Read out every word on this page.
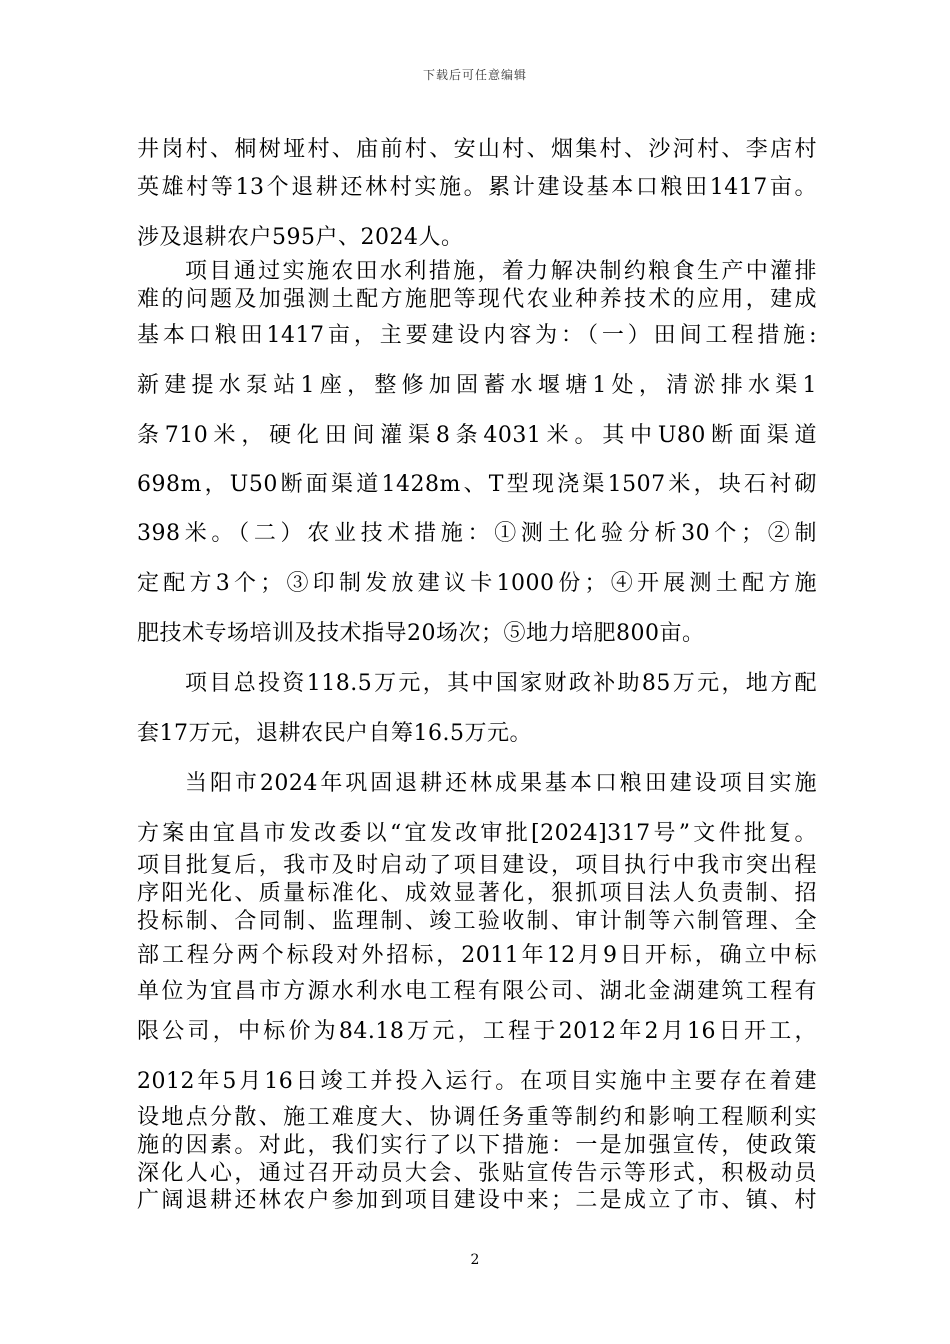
下载后可任意编辑
井岗村、桐树垭村、庙前村、安山村、烟集村、沙河村、李店村
英雄村等13个退耕还林村实施。累计建设基本口粮田1417亩。
涉及退耕农户595户、2024人。
项目通过实施农田水利措施，着力解决制约粮食生产中灌排
难的问题及加强测土配方施肥等现代农业种养技术的应用，建成
基本口粮田1417亩，主要建设内容为：（一）田间工程措施:
新建提水泵站1座，整修加固蓄水堰塘1处，清淤排水渠1
条710米，硬化田间灌渠8条4031米。其中U80断面渠道
698m，U50断面渠道1428m、T型现浇渠1507米，块石衬砌
398米。（二）农业技术措施：①测土化验分析30个；②制
定配方3个；③印制发放建议卡1000份；④开展测土配方施
肥技术专场培训及技术指导20场次；⑤地力培肥800亩。
项目总投资118.5万元，其中国家财政补助85万元，地方配
套17万元，退耕农民户自筹16.5万元。
当阳市2024年巩固退耕还林成果基本口粮田建设项目实施
方案由宜昌市发改委以“宜发改审批[2024]317号”文件批复。
项目批复后，我市及时启动了项目建设，项目执行中我市突出程
序阳光化、质量标准化、成效显著化，狠抓项目法人负责制、招
投标制、合同制、监理制、竣工验收制、审计制等六制管理、全
部工程分两个标段对外招标，2011年12月9日开标，确立中标
单位为宜昌市方源水利水电工程有限公司、湖北金湖建筑工程有
限公司，中标价为84.18万元，工程于2012年2月16日开工，
2012年5月16日竣工并投入运行。在项目实施中主要存在着建
设地点分散、施工难度大、协调任务重等制约和影响工程顺利实
施的因素。对此，我们实行了以下措施：一是加强宣传，使政策
深化人心，通过召开动员大会、张贴宣传告示等形式，积极动员
广阔退耕还林农户参加到项目建设中来；二是成立了市、镇、村
2
